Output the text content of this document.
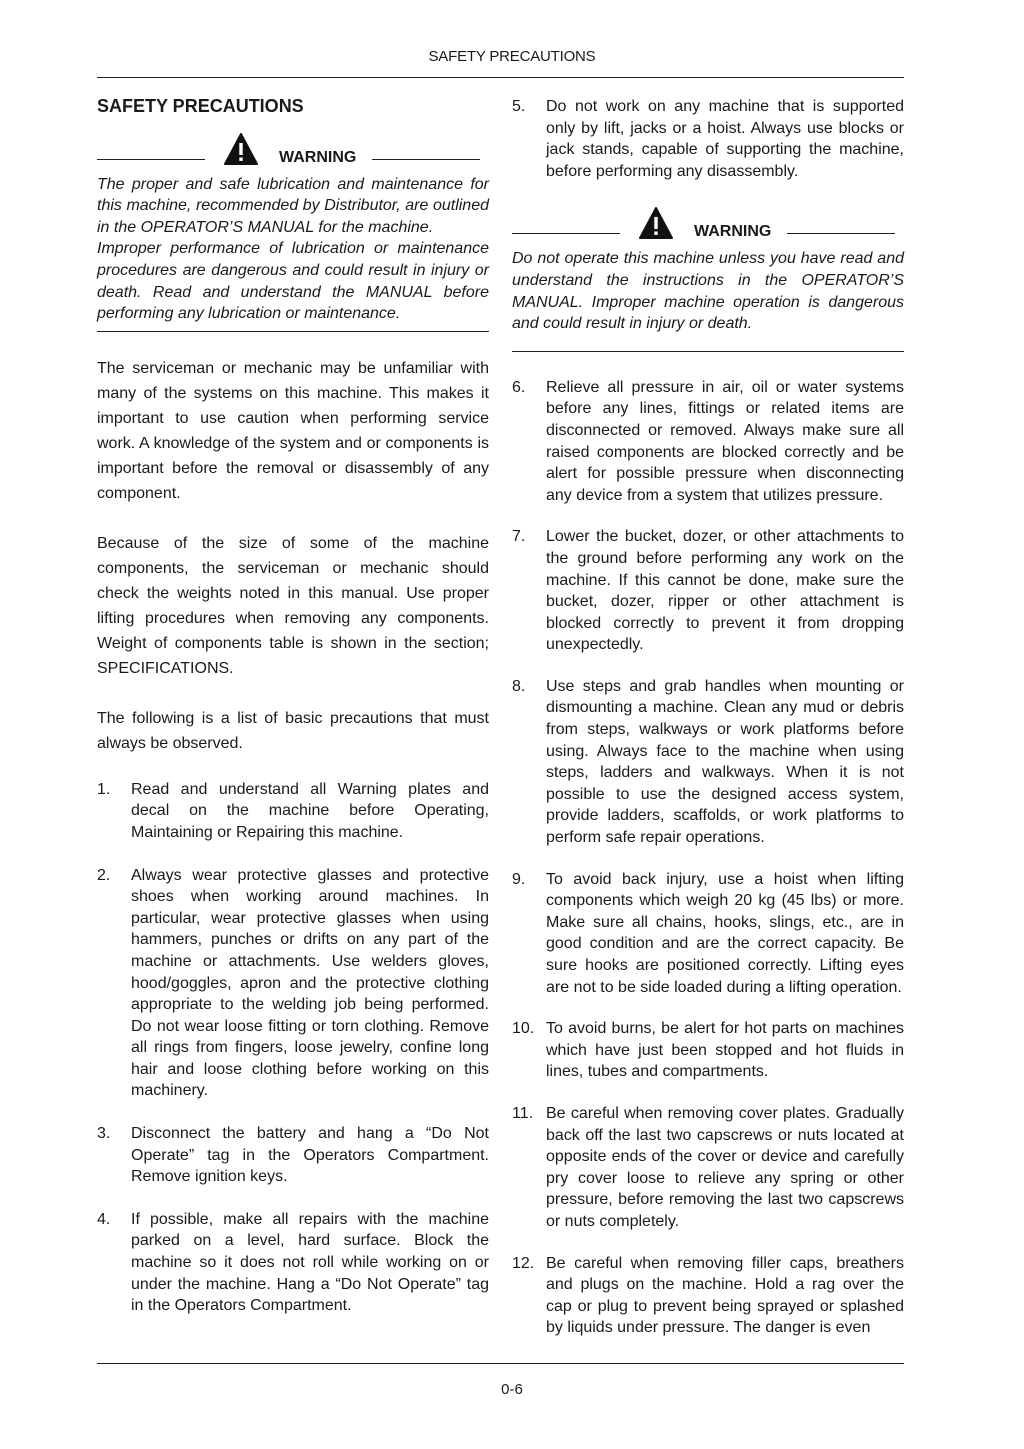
SAFETY PRECAUTIONS
SAFETY PRECAUTIONS
WARNING
The proper and safe lubrication and maintenance for this machine, recommended by Distributor, are outlined in the OPERATOR’S MANUAL for the machine.
Improper performance of lubrication or maintenance procedures are dangerous and could result in injury or death. Read and understand the MANUAL before performing any lubrication or maintenance.

The serviceman or mechanic may be unfamiliar with many of the systems on this machine. This makes it important to use caution when performing service work. A knowledge of the system and or components is important before the removal or disassembly of any component.

Because of the size of some of the machine components, the serviceman or mechanic should check the weights noted in this manual. Use proper lifting procedures when removing any components. Weight of components table is shown in the section; SPECIFICATIONS.

The following is a list of basic precautions that must always be observed.

1.	Read and understand all Warning plates and decal on the machine before Operating, Maintaining or Repairing this machine.
2.	Always wear protective glasses and protective shoes when working around machines. In particular, wear protective glasses when using hammers, punches or drifts on any part of the machine or attachments. Use welders gloves, hood/goggles, apron and the protective clothing appropriate to the welding job being performed. Do not wear loose fitting or torn clothing. Remove all rings from fingers, loose jewelry, confine long hair and loose clothing before working on this machinery.
3.	Disconnect the battery and hang a “Do Not Operate” tag in the Operators Compartment. Remove ignition keys.
4.	If possible, make all repairs with the machine parked on a level, hard surface. Block the machine so it does not roll while working on or under the machine. Hang a “Do Not Operate” tag in the Operators Compartment.
5.	Do not work on any machine that is supported only by lift, jacks or a hoist. Always use blocks or jack stands, capable of supporting the machine, before performing any disassembly.
WARNING
Do not operate this machine unless you have read and understand the instructions in the OPERATOR’S MANUAL. Improper machine operation is dangerous and could result in injury or death.
6.	Relieve all pressure in air, oil or water systems before any lines, fittings or related items are disconnected or removed. Always make sure all raised components are blocked correctly and be alert for possible pressure when disconnecting any device from a system that utilizes pressure.
7.	Lower the bucket, dozer, or other attachments to the ground before performing any work on the machine. If this cannot be done, make sure the bucket, dozer, ripper or other attachment is blocked correctly to prevent it from dropping unexpectedly.
8.	Use steps and grab handles when mounting or dismounting a machine. Clean any mud or debris from steps, walkways or work platforms before using. Always face to the machine when using steps, ladders and walkways. When it is not possible to use the designed access system, provide ladders, scaffolds, or work platforms to perform safe repair operations.
9.	To avoid back injury, use a hoist when lifting components which weigh 20 kg (45 lbs) or more. Make sure all chains, hooks, slings, etc., are in good condition and are the correct capacity. Be sure hooks are positioned correctly. Lifting eyes are not to be side loaded during a lifting operation.
10. To avoid burns, be alert for hot parts on machines which have just been stopped and hot fluids in lines, tubes and compartments.
11. Be careful when removing cover plates. Gradually back off the last two capscrews or nuts located at opposite ends of the cover or device and carefully pry cover loose to relieve any spring or other pressure, before removing the last two capscrews or nuts completely.
12. Be careful when removing filler caps, breathers and plugs on the machine. Hold a rag over the cap or plug to prevent being sprayed or splashed by liquids under pressure. The danger is even
0-6
